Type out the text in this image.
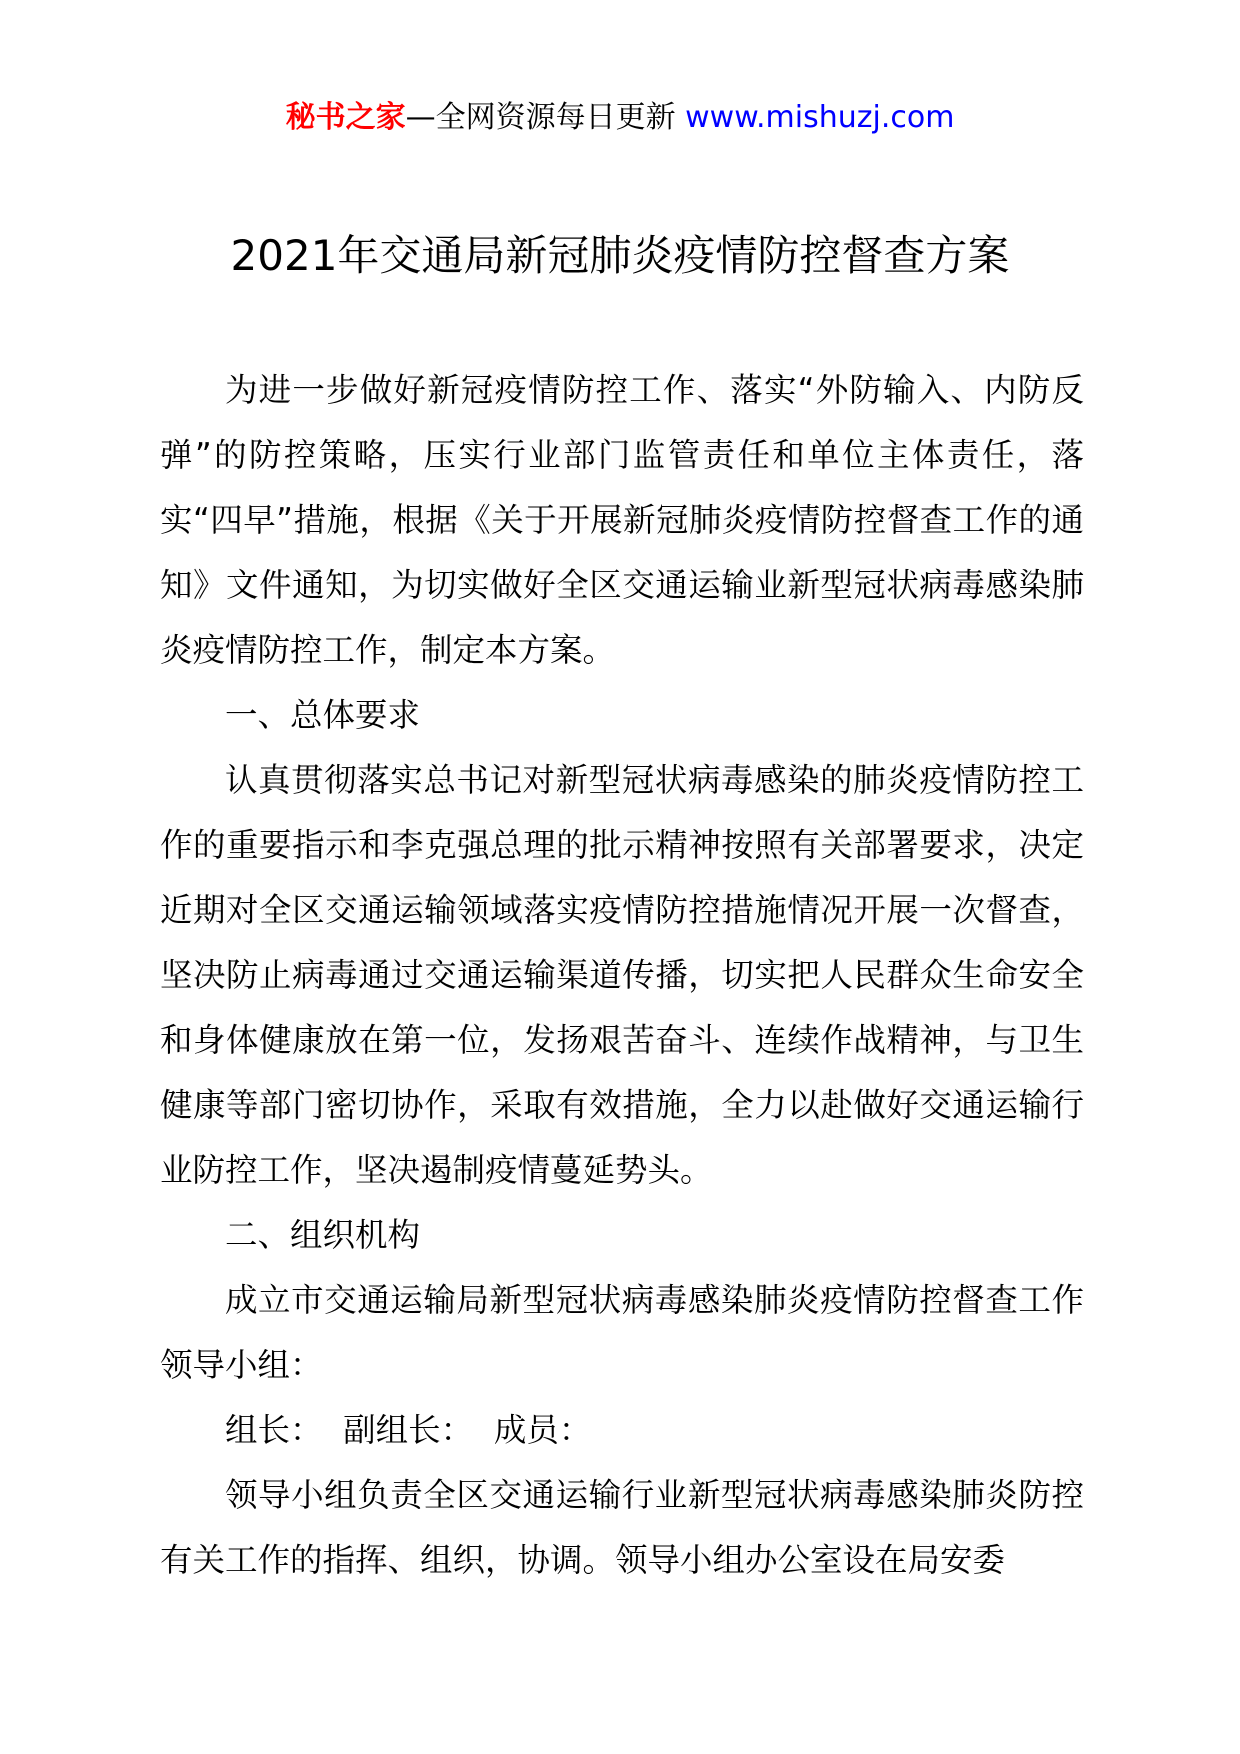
秘书之家—全网资源每日更新 www.mishuzj.com
2021年交通局新冠肺炎疫情防控督查方案

为进一步做好新冠疫情防控工作、落实“外防输入、内防反弹”的防控策略，压实行业部门监管责任和单位主体责任，落实“四早”措施，根据《关于开展新冠肺炎疫情防控督查工作的通知》文件通知，为切实做好全区交通运输业新型冠状病毒感染肺炎疫情防控工作，制定本方案。

一、总体要求

认真贯彻落实总书记对新型冠状病毒感染的肺炎疫情防控工作的重要指示和李克强总理的批示精神按照有关部署要求，决定近期对全区交通运输领域落实疫情防控措施情况开展一次督查，坚决防止病毒通过交通运输渠道传播，切实把人民群众生命安全和身体健康放在第一位，发扬艰苦奋斗、连续作战精神，与卫生健康等部门密切协作，采取有效措施，全力以赴做好交通运输行业防控工作，坚决遏制疫情蔓延势头。

二、组织机构

成立市交通运输局新型冠状病毒感染肺炎疫情防控督查工作领导小组：

组长：  副组长：  成员：

领导小组负责全区交通运输行业新型冠状病毒感染肺炎防控有关工作的指挥、组织，协调。领导小组办公室设在局安委
